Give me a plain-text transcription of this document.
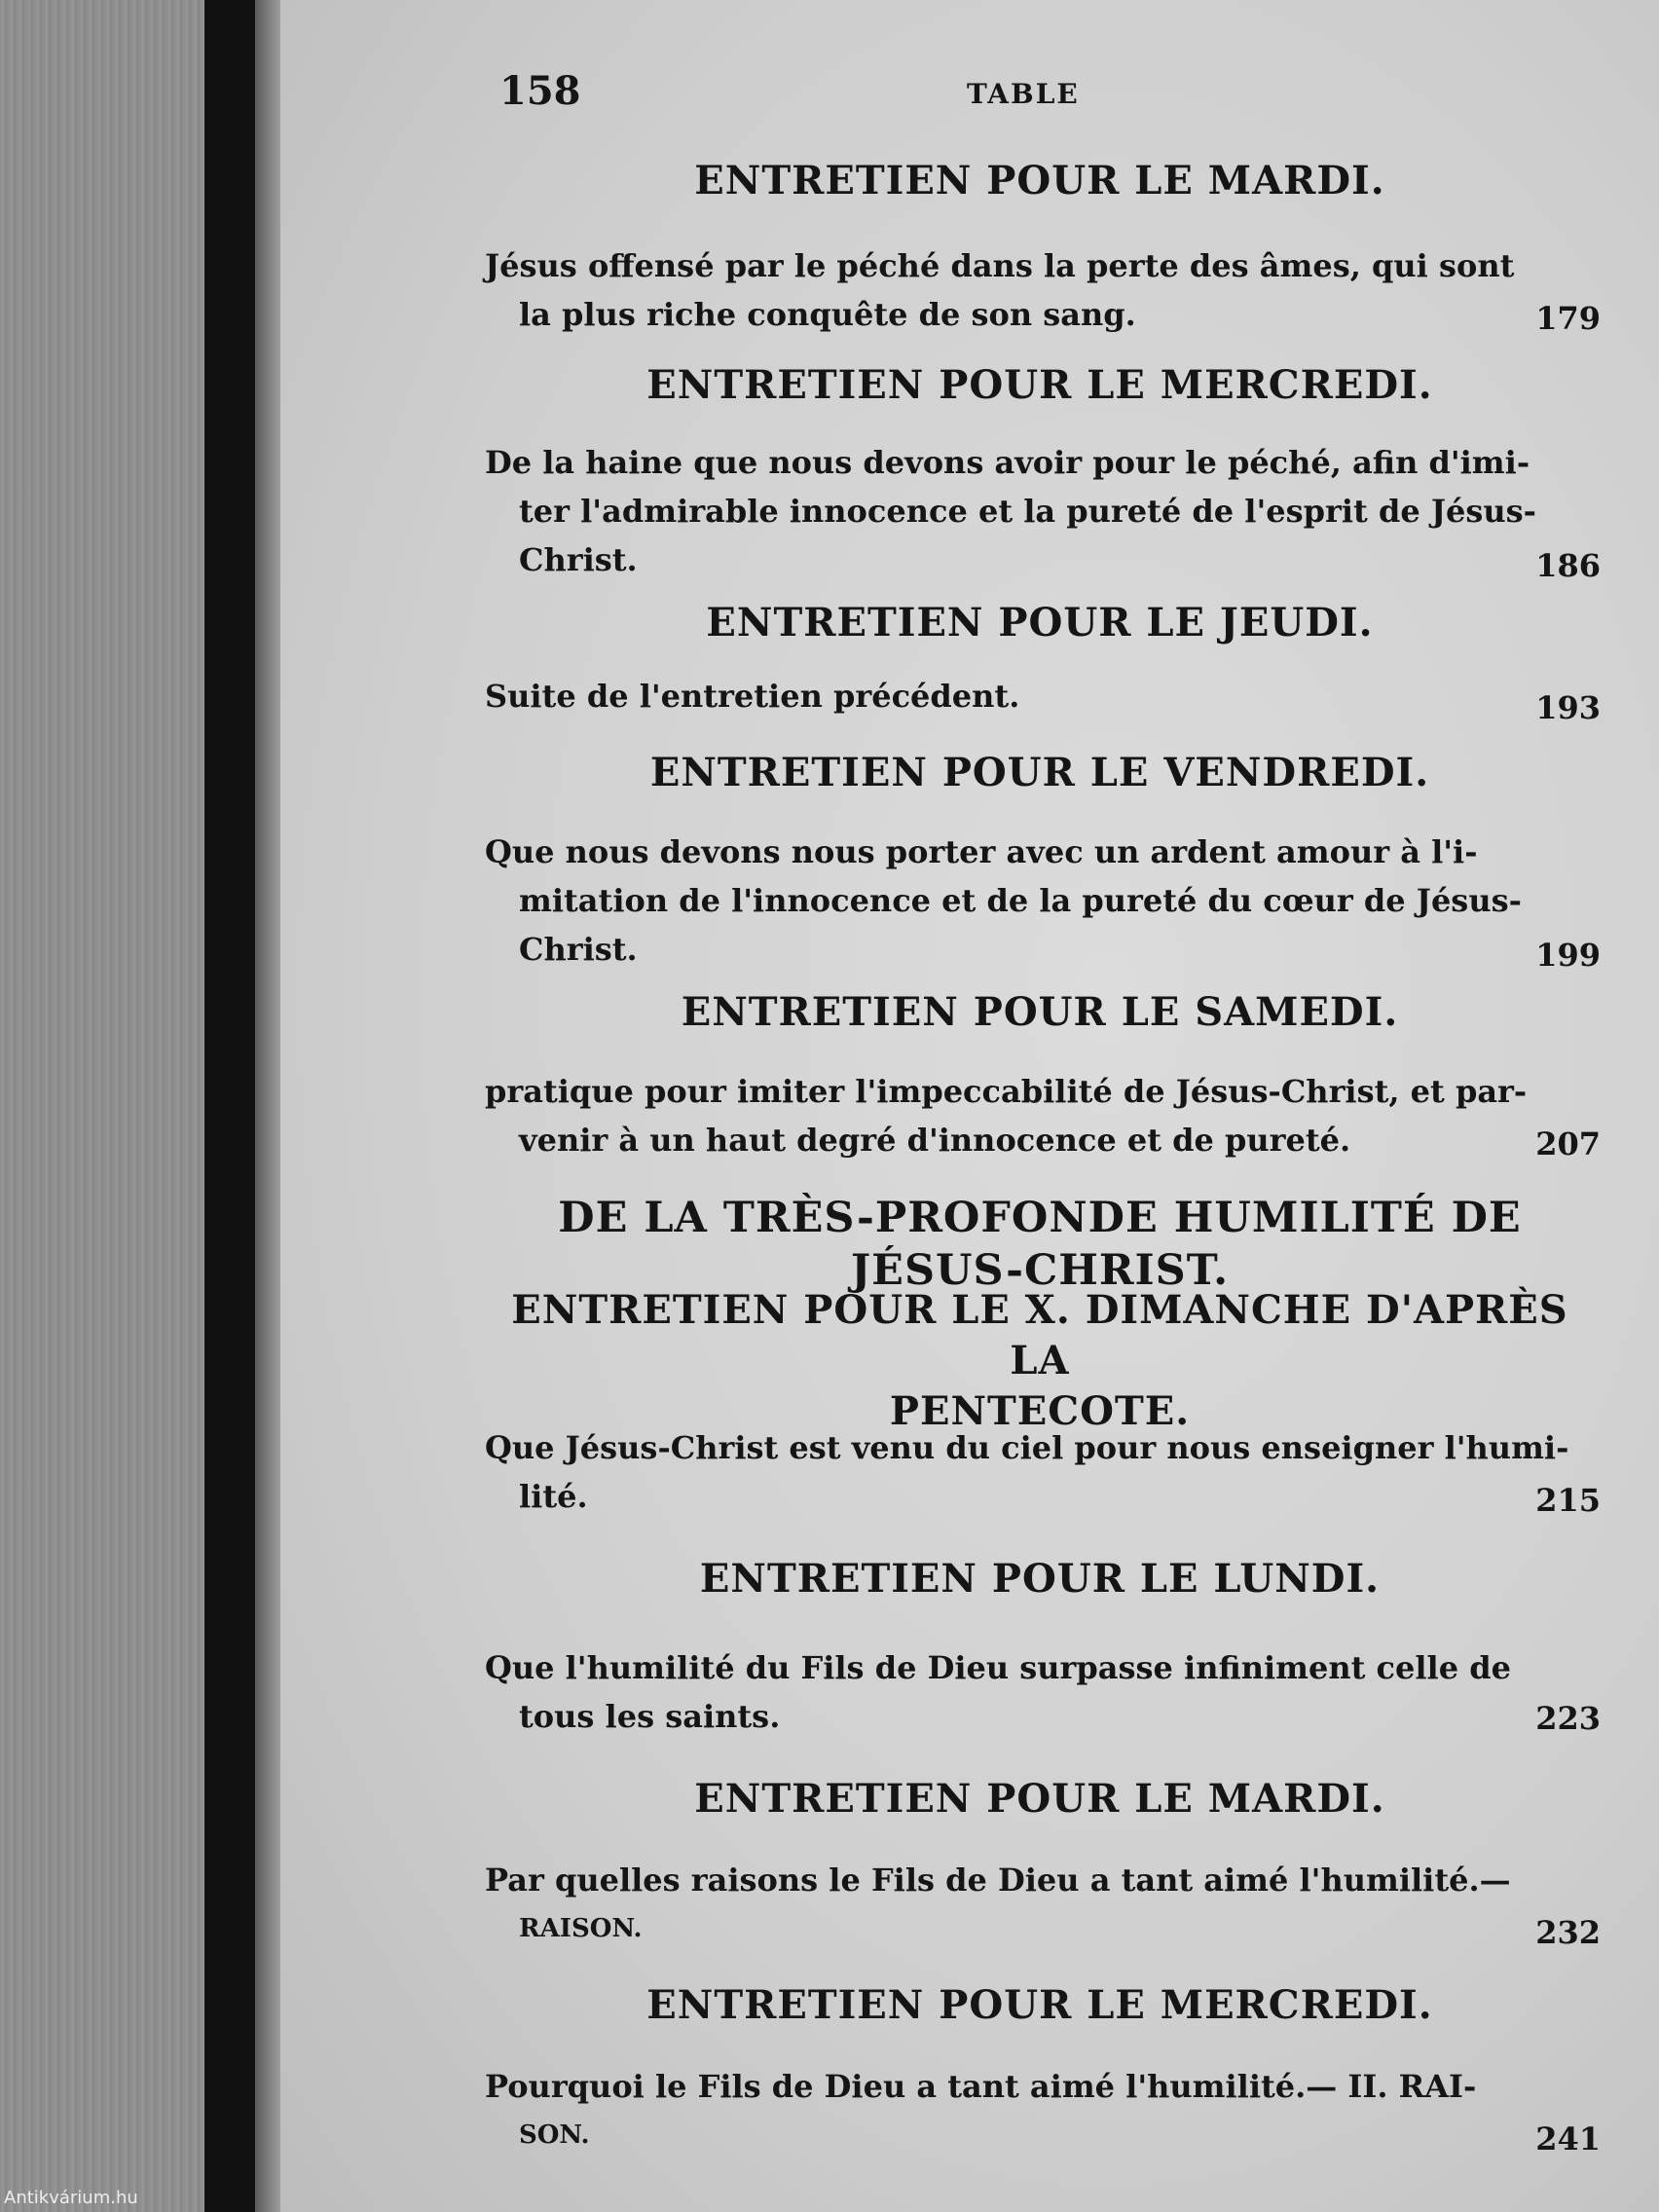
158	TABLE
ENTRETIEN POUR LE MARDI.
Jésus offensé par le péché dans la perte des âmes, qui sont
la plus riche conquête de son sang.	179
ENTRETIEN POUR LE MERCREDI.
De la haine que nous devons avoir pour le péché, afin d'imi-
ter l'admirable innocence et la pureté de l'esprit de Jésus-
Christ.	186
ENTRETIEN POUR LE JEUDI.
Suite de l'entretien précédent.	193
ENTRETIEN POUR LE VENDREDI.
Que nous devons nous porter avec un ardent amour à l'i-
mitation de l'innocence et de la pureté du cœur de Jésus-
Christ.	199
ENTRETIEN POUR LE SAMEDI.
pratique pour imiter l'impeccabilité de Jésus-Christ, et par-
venir à un haut degré d'innocence et de pureté.	207
DE LA TRÈS-PROFONDE HUMILITÉ DE JÉSUS-CHRIST.
ENTRETIEN POUR LE X. DIMANCHE D'APRÈS LA
PENTECOTE.
Que Jésus-Christ est venu du ciel pour nous enseigner l'humi-
lité.	215
ENTRETIEN POUR LE LUNDI.
Que l'humilité du Fils de Dieu surpasse infiniment celle de
tous les saints.	223
ENTRETIEN POUR LE MARDI.
Par quelles raisons le Fils de Dieu a tant aimé l'humilité.—
RAISON.	232
ENTRETIEN POUR LE MERCREDI.
Pourquoi le Fils de Dieu a tant aimé l'humilité.— II. RAI-
SON.	241
Antikvárium.hu
